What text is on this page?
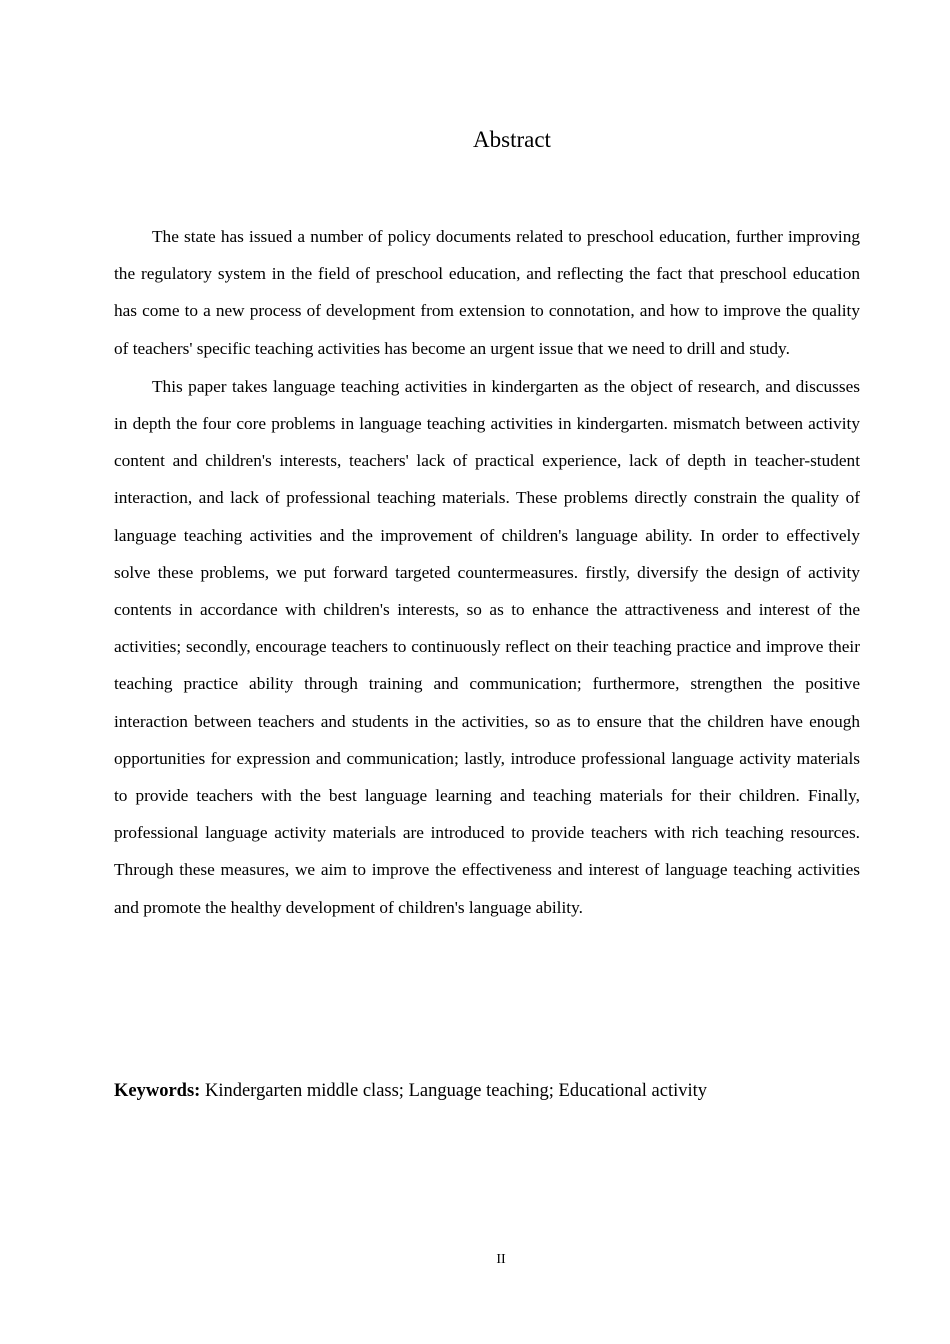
Abstract

The state has issued a number of policy documents related to preschool education, further improving the regulatory system in the field of preschool education, and reflecting the fact that preschool education has come to a new process of development from extension to connotation, and how to improve the quality of teachers' specific teaching activities has become an urgent issue that we need to drill and study.

This paper takes language teaching activities in kindergarten as the object of research, and discusses in depth the four core problems in language teaching activities in kindergarten. mismatch between activity content and children's interests, teachers' lack of practical experience, lack of depth in teacher-student interaction, and lack of professional teaching materials. These problems directly constrain the quality of language teaching activities and the improvement of children's language ability. In order to effectively solve these problems, we put forward targeted countermeasures. firstly, diversify the design of activity contents in accordance with children's interests, so as to enhance the attractiveness and interest of the activities; secondly, encourage teachers to continuously reflect on their teaching practice and improve their teaching practice ability through training and communication; furthermore, strengthen the positive interaction between teachers and students in the activities, so as to ensure that the children have enough opportunities for expression and communication; lastly, introduce professional language activity materials to provide teachers with the best language learning and teaching materials for their children. Finally, professional language activity materials are introduced to provide teachers with rich teaching resources. Through these measures, we aim to improve the effectiveness and interest of language teaching activities and promote the healthy development of children's language ability.

Keywords: Kindergarten middle class; Language teaching; Educational activity
II
